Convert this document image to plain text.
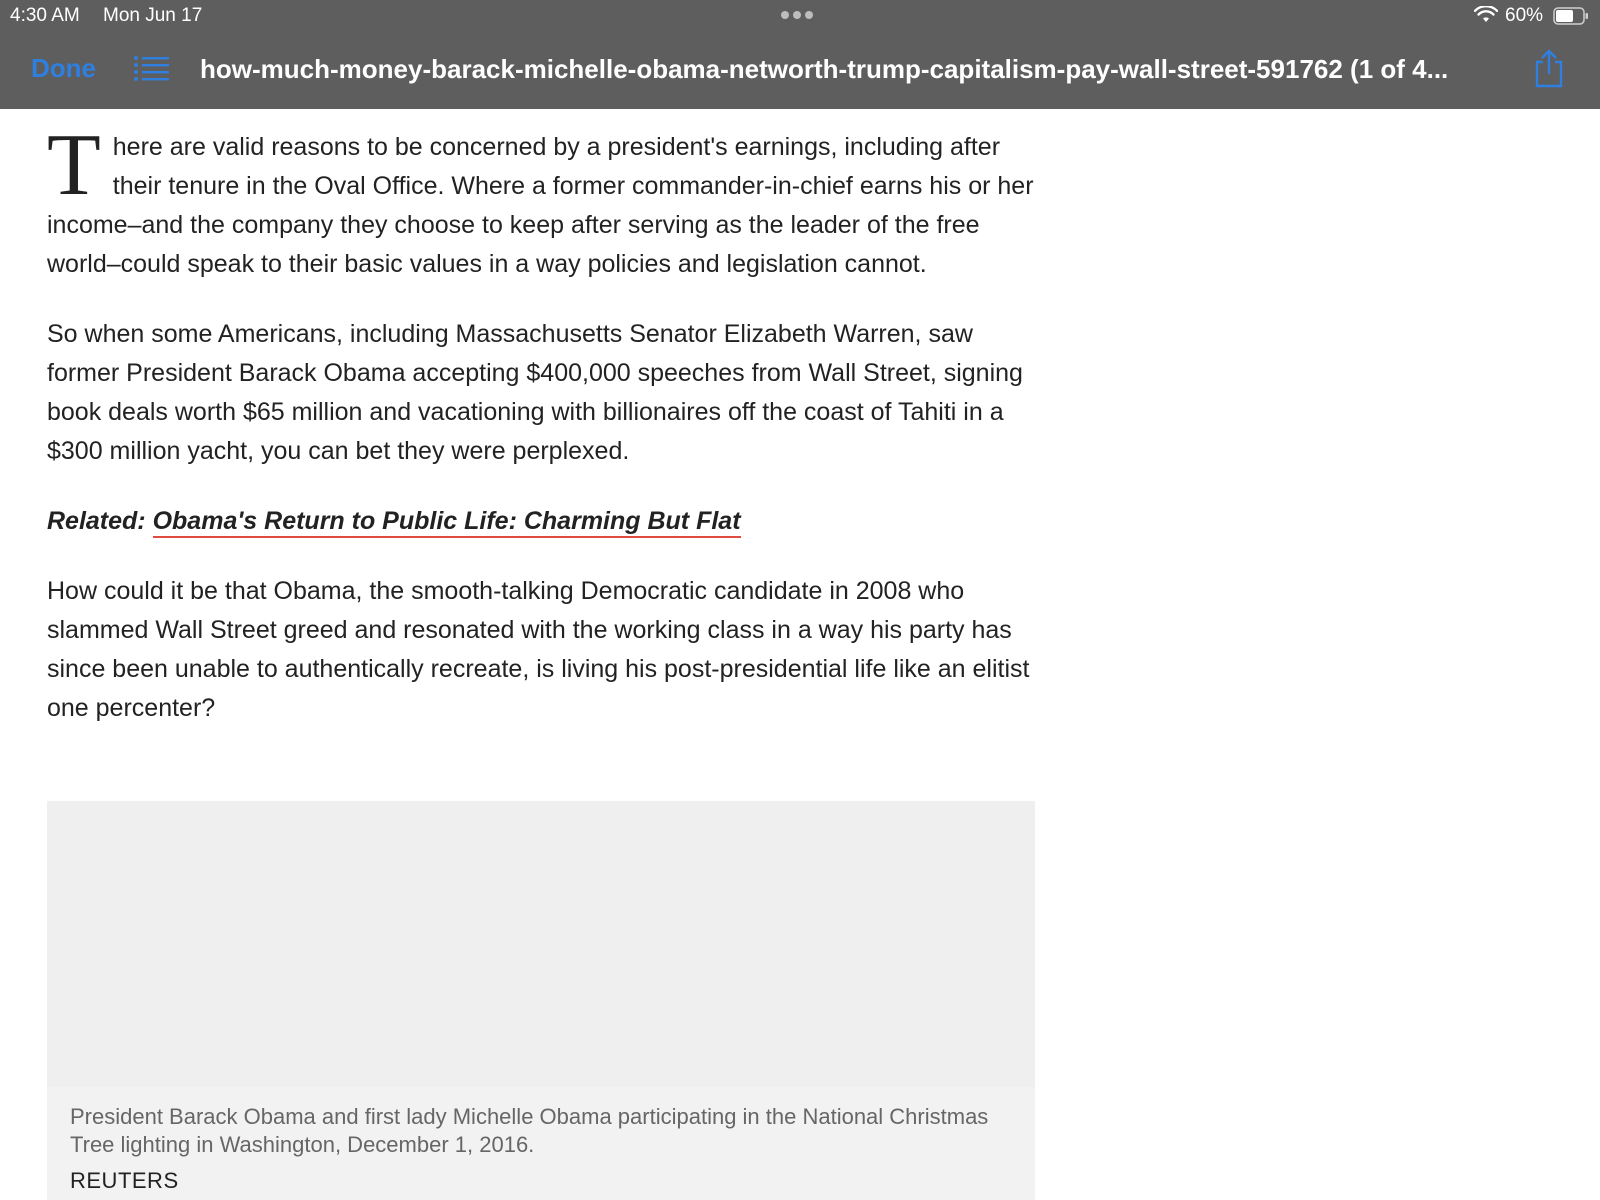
4:30 AM Mon Jun 17	60%
Done	how-much-money-barack-michelle-obama-networth-trump-capitalism-pay-wall-street-591762 (1 of 4...

There are valid reasons to be concerned by a president's earnings, including after their tenure in the Oval Office. Where a former commander-in-chief earns his or her income–and the company they choose to keep after serving as the leader of the free world–could speak to their basic values in a way policies and legislation cannot.

So when some Americans, including Massachusetts Senator Elizabeth Warren, saw former President Barack Obama accepting $400,000 speeches from Wall Street, signing book deals worth $65 million and vacationing with billionaires off the coast of Tahiti in a $300 million yacht, you can bet they were perplexed.

Related: Obama's Return to Public Life: Charming But Flat

How could it be that Obama, the smooth-talking Democratic candidate in 2008 who slammed Wall Street greed and resonated with the working class in a way his party has since been unable to authentically recreate, is living his post-presidential life like an elitist one percenter?

President Barack Obama and first lady Michelle Obama participating in the National Christmas Tree lighting in Washington, December 1, 2016.
REUTERS
